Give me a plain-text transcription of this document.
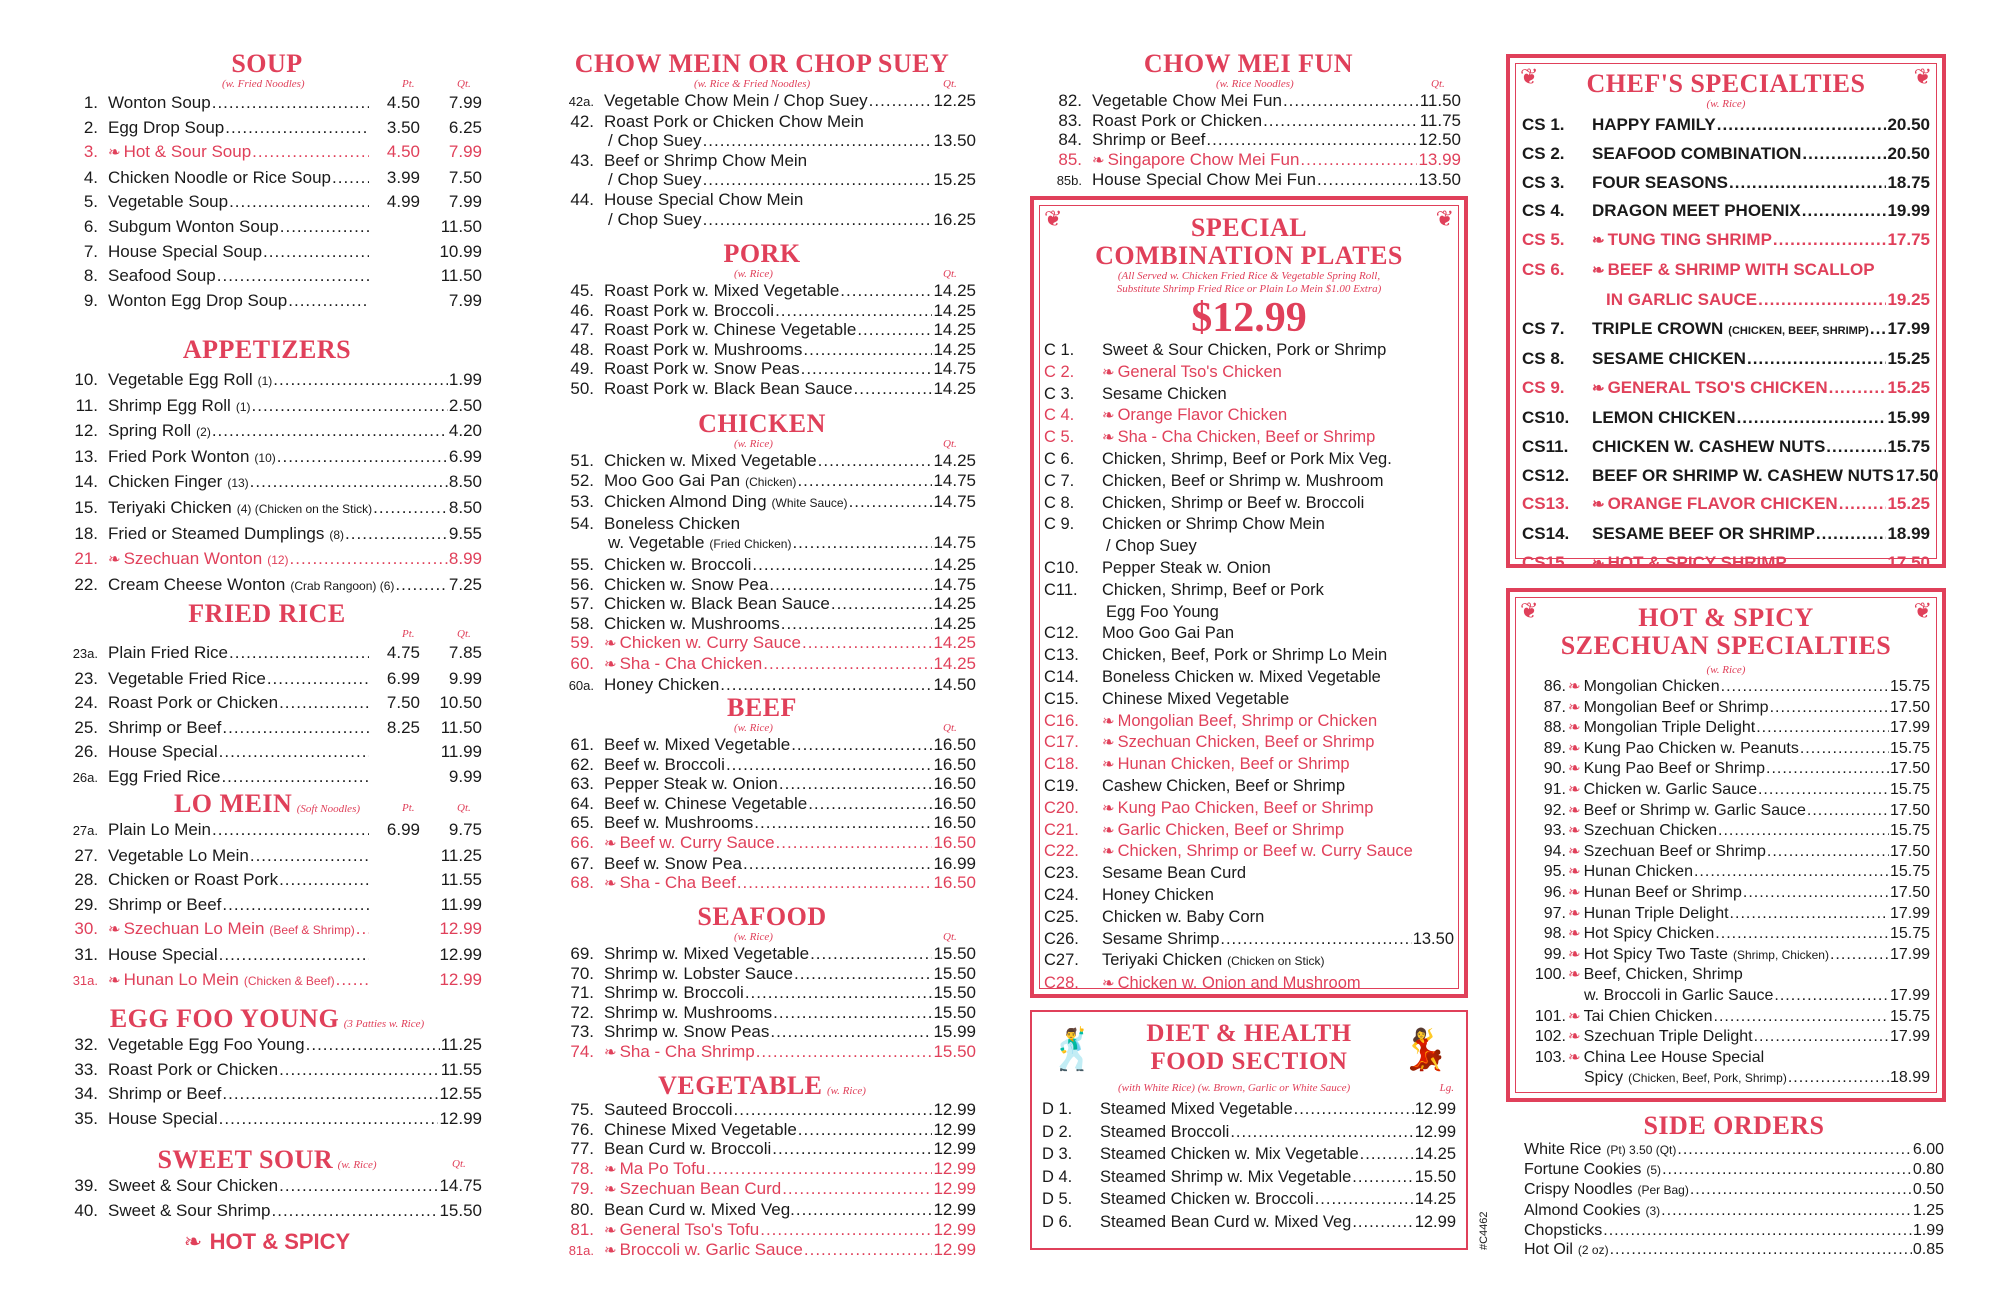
SOUP
(w. Fried Noodles)	Pt.	Qt.
1. Wonton Soup .....	4.50	7.99
2. Egg Drop Soup .....	3.50	6.25
3. ❧ Hot & Sour Soup .....	4.50	7.99
4. Chicken Noodle or Rice Soup .....	3.99	7.50
5. Vegetable Soup .....	4.99	7.99
6. Subgum Wonton Soup .....	11.50
7. House Special Soup .....	10.99
8. Seafood Soup .....	11.50
9. Wonton Egg Drop Soup .....	7.99
APPETIZERS
10. Vegetable Egg Roll (1) .....	1.99
11. Shrimp Egg Roll (1) .....	2.50
12. Spring Roll (2) .....	4.20
13. Fried Pork Wonton (10) .....	6.99
14. Chicken Finger (13) .....	8.50
15. Teriyaki Chicken (4) (Chicken on the Stick) .....	8.50
18. Fried or Steamed Dumplings (8) .....	9.55
21. ❧ Szechuan Wonton (12) .....	8.99
22. Cream Cheese Wonton (Crab Rangoon) (6) .....	7.25
FRIED RICE
Pt.	Qt.
23a. Plain Fried Rice .....	4.75	7.85
23. Vegetable Fried Rice .....	6.99	9.99
24. Roast Pork or Chicken .....	7.50	10.50
25. Shrimp or Beef .....	8.25	11.50
26. House Special .....	11.99
26a. Egg Fried Rice .....	9.99
LO MEIN (Soft Noodles)	Pt.	Qt.
27a. Plain Lo Mein .....	6.99	9.75
27. Vegetable Lo Mein .....	11.25
28. Chicken or Roast Pork .....	11.55
29. Shrimp or Beef .....	11.99
30. ❧ Szechuan Lo Mein (Beef & Shrimp) .....	12.99
31. House Special .....	12.99
31a. ❧ Hunan Lo Mein (Chicken & Beef) .....	12.99
EGG FOO YOUNG (3 Patties w. Rice)
32. Vegetable Egg Foo Young .....	11.25
33. Roast Pork or Chicken .....	11.55
34. Shrimp or Beef .....	12.55
35. House Special .....	12.99
SWEET SOUR (w. Rice)	Qt.
39. Sweet & Sour Chicken .....	14.75
40. Sweet & Sour Shrimp .....	15.50
❧ HOT & SPICY
CHOW MEIN OR CHOP SUEY
(w. Rice & Fried Noodles)	Qt.
42a. Vegetable Chow Mein / Chop Suey .....	12.25
42. Roast Pork or Chicken Chow Mein
/ Chop Suey .....	13.50
43. Beef or Shrimp Chow Mein
/ Chop Suey .....	15.25
44. House Special Chow Mein
/ Chop Suey .....	16.25
PORK
(w. Rice)	Qt.
45. Roast Pork w. Mixed Vegetable .....	14.25
46. Roast Pork w. Broccoli .....	14.25
47. Roast Pork w. Chinese Vegetable .....	14.25
48. Roast Pork w. Mushrooms .....	14.25
49. Roast Pork w. Snow Peas .....	14.75
50. Roast Pork w. Black Bean Sauce .....	14.25
CHICKEN
(w. Rice)	Qt.
51. Chicken w. Mixed Vegetable .....	14.25
52. Moo Goo Gai Pan (Chicken) .....	14.75
53. Chicken Almond Ding (White Sauce) .....	14.75
54. Boneless Chicken
w. Vegetable (Fried Chicken) .....	14.75
55. Chicken w. Broccoli .....	14.25
56. Chicken w. Snow Pea .....	14.75
57. Chicken w. Black Bean Sauce .....	14.25
58. Chicken w. Mushrooms .....	14.25
59. ❧ Chicken w. Curry Sauce .....	14.25
60. ❧ Sha - Cha Chicken .....	14.25
60a. Honey Chicken .....	14.50
BEEF
(w. Rice)	Qt.
61. Beef w. Mixed Vegetable .....	16.50
62. Beef w. Broccoli .....	16.50
63. Pepper Steak w. Onion .....	16.50
64. Beef w. Chinese Vegetable .....	16.50
65. Beef w. Mushrooms .....	16.50
66. ❧ Beef w. Curry Sauce .....	16.50
67. Beef w. Snow Pea .....	16.99
68. ❧ Sha - Cha Beef .....	16.50
SEAFOOD
(w. Rice)	Qt.
69. Shrimp w. Mixed Vegetable .....	15.50
70. Shrimp w. Lobster Sauce .....	15.50
71. Shrimp w. Broccoli .....	15.50
72. Shrimp w. Mushrooms .....	15.50
73. Shrimp w. Snow Peas .....	15.99
74. ❧ Sha - Cha Shrimp .....	15.50
VEGETABLE (w. Rice)
75. Sauteed Broccoli .....	12.99
76. Chinese Mixed Vegetable .....	12.99
77. Bean Curd w. Broccoli .....	12.99
78. ❧ Ma Po Tofu .....	12.99
79. ❧ Szechuan Bean Curd .....	12.99
80. Bean Curd w. Mixed Veg. .....	12.99
81. ❧ General Tso's Tofu .....	12.99
81a. ❧ Broccoli w. Garlic Sauce .....	12.99
CHOW MEI FUN
(w. Rice Noodles)	Qt.
82. Vegetable Chow Mei Fun .....	11.50
83. Roast Pork or Chicken .....	11.75
84. Shrimp or Beef .....	12.50
85. ❧ Singapore Chow Mei Fun .....	13.99
85b. House Special Chow Mei Fun .....	13.50
❦	❦
SPECIAL
COMBINATION PLATES
(All Served w. Chicken Fried Rice & Vegetable Spring Roll,
Substitute Shrimp Fried Rice or Plain Lo Mein $1.00 Extra)
$12.99
C 1.	Sweet & Sour Chicken, Pork or Shrimp
C 2.	❧ General Tso's Chicken
C 3.	Sesame Chicken
C 4.	❧ Orange Flavor Chicken
C 5.	❧ Sha - Cha Chicken, Beef or Shrimp
C 6.	Chicken, Shrimp, Beef or Pork Mix Veg.
C 7.	Chicken, Beef or Shrimp w. Mushroom
C 8.	Chicken, Shrimp or Beef w. Broccoli
C 9.	Chicken or Shrimp Chow Mein
/ Chop Suey
C10.	Pepper Steak w. Onion
C11.	Chicken, Shrimp, Beef or Pork
Egg Foo Young
C12.	Moo Goo Gai Pan
C13.	Chicken, Beef, Pork or Shrimp Lo Mein
C14.	Boneless Chicken w. Mixed Vegetable
C15.	Chinese Mixed Vegetable
C16.	❧ Mongolian Beef, Shrimp or Chicken
C17.	❧ Szechuan Chicken, Beef or Shrimp
C18.	❧ Hunan Chicken, Beef or Shrimp
C19.	Cashew Chicken, Beef or Shrimp
C20.	❧ Kung Pao Chicken, Beef or Shrimp
C21.	❧ Garlic Chicken, Beef or Shrimp
C22.	❧ Chicken, Shrimp or Beef w. Curry Sauce
C23.	Sesame Bean Curd
C24.	Honey Chicken
C25.	Chicken w. Baby Corn
C26.	Sesame Shrimp .....	13.50
C27.	Teriyaki Chicken (Chicken on Stick)
C28.	❧ Chicken w. Onion and Mushroom
🕺	💃
DIET & HEALTH
FOOD SECTION
(with White Rice) (w. Brown, Garlic or White Sauce)	Lg.
D 1.	Steamed Mixed Vegetable .....	12.99
D 2.	Steamed Broccoli .....	12.99
D 3.	Steamed Chicken w. Mix Vegetable .....	14.25
D 4.	Steamed Shrimp w. Mix Vegetable .....	15.50
D 5.	Steamed Chicken w. Broccoli .....	14.25
D 6.	Steamed Bean Curd w. Mixed Veg .....	12.99 #C4462
❦	❦
CHEF'S SPECIALTIES
(w. Rice)
CS 1.	HAPPY FAMILY .....	20.50
CS 2.	SEAFOOD COMBINATION .....	20.50
CS 3.	FOUR SEASONS .....	18.75
CS 4.	DRAGON MEET PHOENIX .....	19.99
CS 5.	❧ TUNG TING SHRIMP .....	17.75
CS 6.	❧ BEEF & SHRIMP WITH SCALLOP
IN GARLIC SAUCE .....	19.25
CS 7.	TRIPLE CROWN (CHICKEN, BEEF, SHRIMP) ..... 17.99
CS 8.	SESAME CHICKEN .....	15.25
CS 9.	❧ GENERAL TSO'S CHICKEN .....	15.25
CS10.	LEMON CHICKEN .....	15.99
CS11.	CHICKEN W. CASHEW NUTS .....	15.75
CS12.	BEEF OR SHRIMP W. CASHEW NUTS 17.50
CS13.	❧ ORANGE FLAVOR CHICKEN .....	15.25
CS14.	SESAME BEEF OR SHRIMP .....	18.99
CS15.	❧ HOT & SPICY SHRIMP .....	17.50
❦	❦
HOT & SPICY
SZECHUAN SPECIALTIES
(w. Rice)
86. ❧ Mongolian Chicken .....	15.75
87. ❧ Mongolian Beef or Shrimp .....	17.50
88. ❧ Mongolian Triple Delight .....	17.99
89. ❧ Kung Pao Chicken w. Peanuts .....	15.75
90. ❧ Kung Pao Beef or Shrimp .....	17.50
91. ❧ Chicken w. Garlic Sauce .....	15.75
92. ❧ Beef or Shrimp w. Garlic Sauce .....	17.50
93. ❧ Szechuan Chicken .....	15.75
94. ❧ Szechuan Beef or Shrimp .....	17.50
95. ❧ Hunan Chicken .....	15.75
96. ❧ Hunan Beef or Shrimp .....	17.50
97. ❧ Hunan Triple Delight .....	17.99
98. ❧ Hot Spicy Chicken .....	15.75
99. ❧ Hot Spicy Two Taste (Shrimp, Chicken) .....	17.99
100. ❧ Beef, Chicken, Shrimp
w. Broccoli in Garlic Sauce .....	17.99
101. ❧ Tai Chien Chicken .....	15.75
102. ❧ Szechuan Triple Delight .....	17.99
103. ❧ China Lee House Special
Spicy (Chicken, Beef, Pork, Shrimp) .....	18.99
SIDE ORDERS
White Rice (Pt) 3.50 (Qt) .....	6.00
Fortune Cookies (5) .....	0.80
Crispy Noodles (Per Bag) .....	0.50
Almond Cookies (3) .....	1.25
Chopsticks .....	1.99
Hot Oil (2 oz) .....	0.85
